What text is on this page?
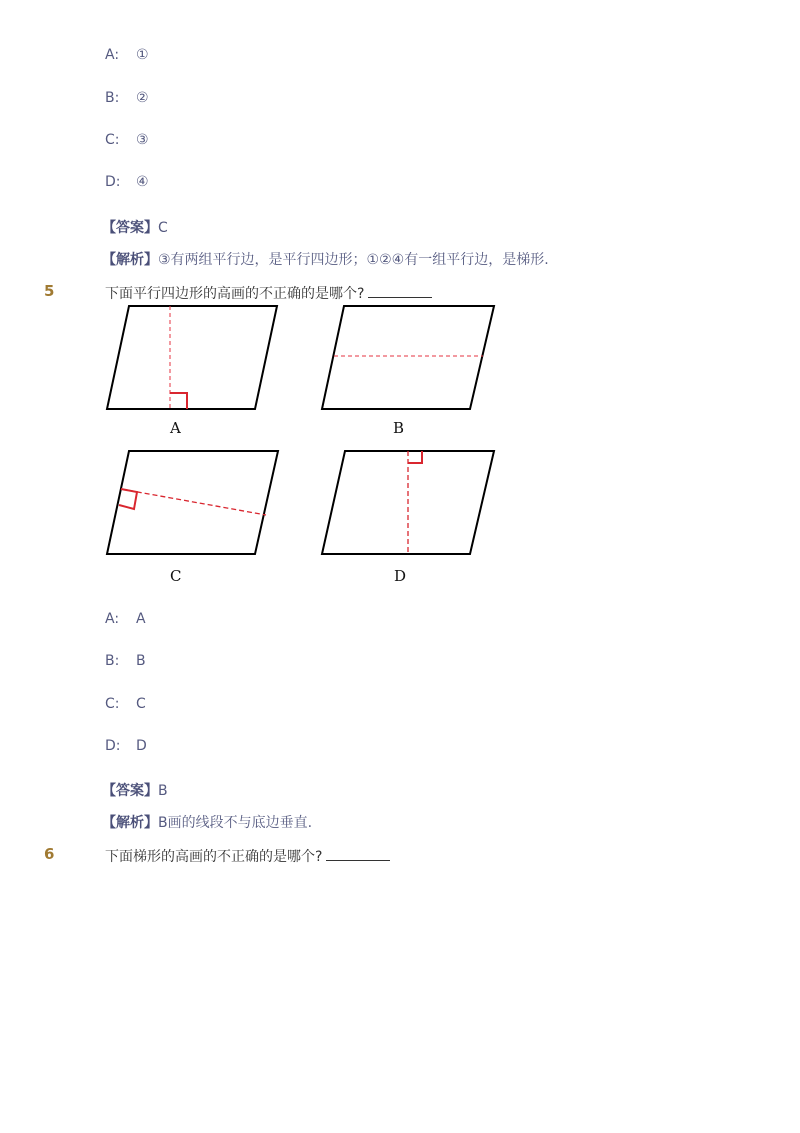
A: ①
B: ②
C: ③
D: ④
【答案】C
【解析】③有两组平行边，是平行四边形；①②④有一组平行边，是梯形.
5	下面平行四边形的高画的不正确的是哪个?
A	B
C	D
A: A
B: B
C: C
D: D
【答案】B
【解析】B画的线段不与底边垂直.
6	下面梯形的高画的不正确的是哪个?
